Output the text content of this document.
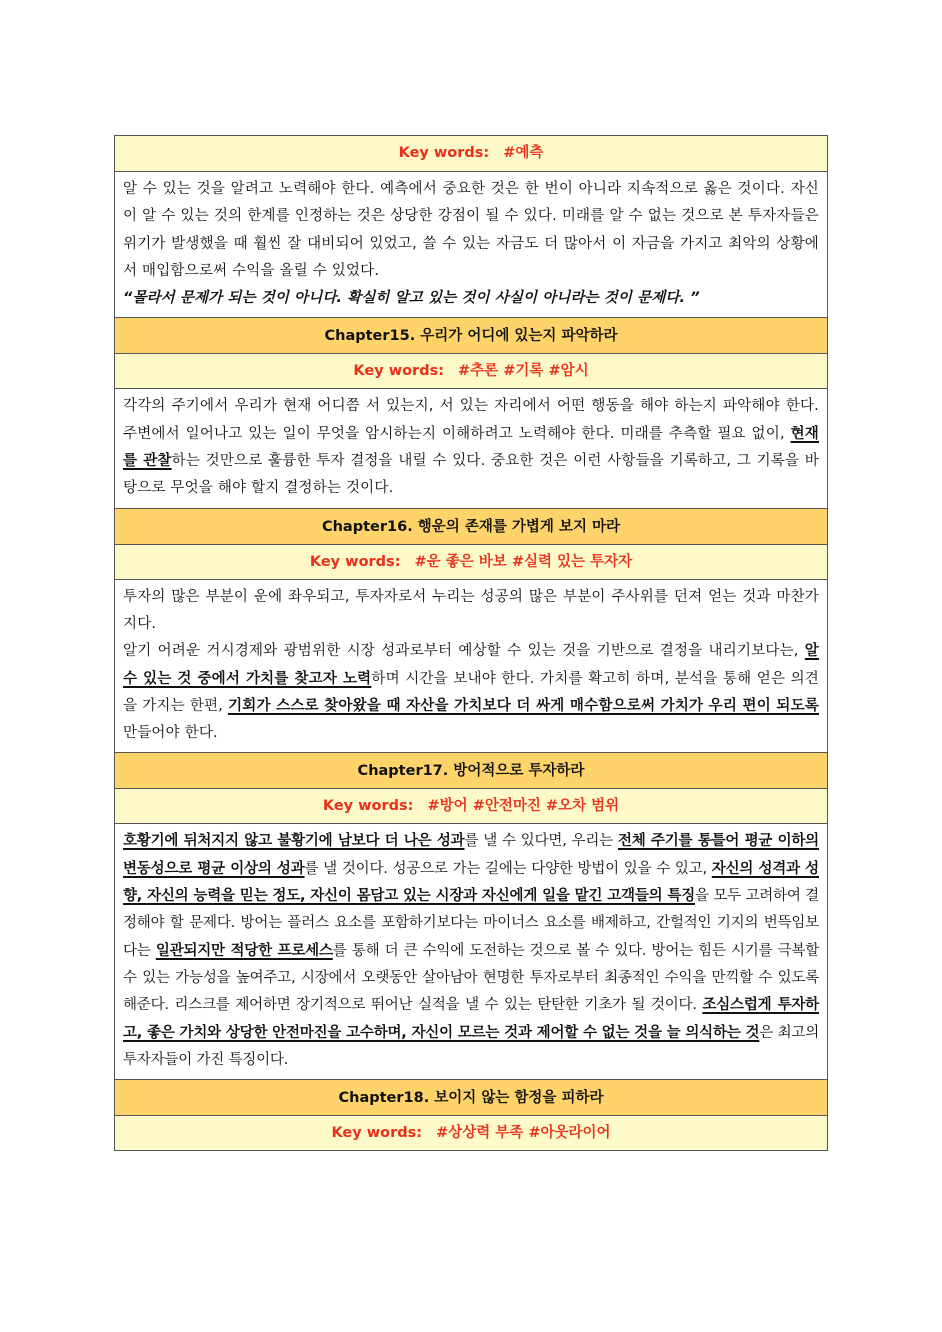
Key words: #예측
알 수 있는 것을 알려고 노력해야 한다. 예측에서 중요한 것은 한 번이 아니라 지속적으로 옳은 것이다. 자신이 알 수 있는 것의 한계를 인정하는 것은 상당한 강점이 될 수 있다. 미래를 알 수 없는 것으로 본 투자자들은 위기가 발생했을 때 훨씬 잘 대비되어 있었고, 쓸 수 있는 자금도 더 많아서 이 자금을 가지고 최악의 상황에서 매입함으로써 수익을 올릴 수 있었다.
“몰라서 문제가 되는 것이 아니다. 확실히 알고 있는 것이 사실이 아니라는 것이 문제다. ”
Chapter15. 우리가 어디에 있는지 파악하라
Key words: #추론 #기록 #암시
각각의 주기에서 우리가 현재 어디쯤 서 있는지, 서 있는 자리에서 어떤 행동을 해야 하는지 파악해야 한다. 주변에서 일어나고 있는 일이 무엇을 암시하는지 이해하려고 노력해야 한다. 미래를 추측할 필요 없이, 현재를 관찰하는 것만으로 훌륭한 투자 결정을 내릴 수 있다. 중요한 것은 이런 사항들을 기록하고, 그 기록을 바탕으로 무엇을 해야 할지 결정하는 것이다.
Chapter16. 행운의 존재를 가볍게 보지 마라
Key words: #운 좋은 바보 #실력 있는 투자자
투자의 많은 부분이 운에 좌우되고, 투자자로서 누리는 성공의 많은 부분이 주사위를 던져 얻는 것과 마찬가지다.
알기 어려운 거시경제와 광범위한 시장 성과로부터 예상할 수 있는 것을 기반으로 결정을 내리기보다는, 알 수 있는 것 중에서 가치를 찾고자 노력하며 시간을 보내야 한다. 가치를 확고히 하며, 분석을 통해 얻은 의견을 가지는 한편, 기회가 스스로 찾아왔을 때 자산을 가치보다 더 싸게 매수함으로써 가치가 우리 편이 되도록 만들어야 한다.
Chapter17. 방어적으로 투자하라
Key words: #방어 #안전마진 #오차 범위
호황기에 뒤처지지 않고 불황기에 남보다 더 나은 성과를 낼 수 있다면, 우리는 전체 주기를 통틀어 평균 이하의 변동성으로 평균 이상의 성과를 낼 것이다. 성공으로 가는 길에는 다양한 방법이 있을 수 있고, 자신의 성격과 성향, 자신의 능력을 믿는 정도, 자신이 몸담고 있는 시장과 자신에게 일을 맡긴 고객들의 특징을 모두 고려하여 결정해야 할 문제다. 방어는 플러스 요소를 포함하기보다는 마이너스 요소를 배제하고, 간헐적인 기지의 번뜩임보다는 일관되지만 적당한 프로세스를 통해 더 큰 수익에 도전하는 것으로 볼 수 있다. 방어는 힘든 시기를 극복할 수 있는 가능성을 높여주고, 시장에서 오랫동안 살아남아 현명한 투자로부터 최종적인 수익을 만끽할 수 있도록 해준다. 리스크를 제어하면 장기적으로 뛰어난 실적을 낼 수 있는 탄탄한 기초가 될 것이다. 조심스럽게 투자하고, 좋은 가치와 상당한 안전마진을 고수하며, 자신이 모르는 것과 제어할 수 없는 것을 늘 의식하는 것은 최고의 투자자들이 가진 특징이다.
Chapter18. 보이지 않는 함정을 피하라
Key words: #상상력 부족 #아웃라이어
